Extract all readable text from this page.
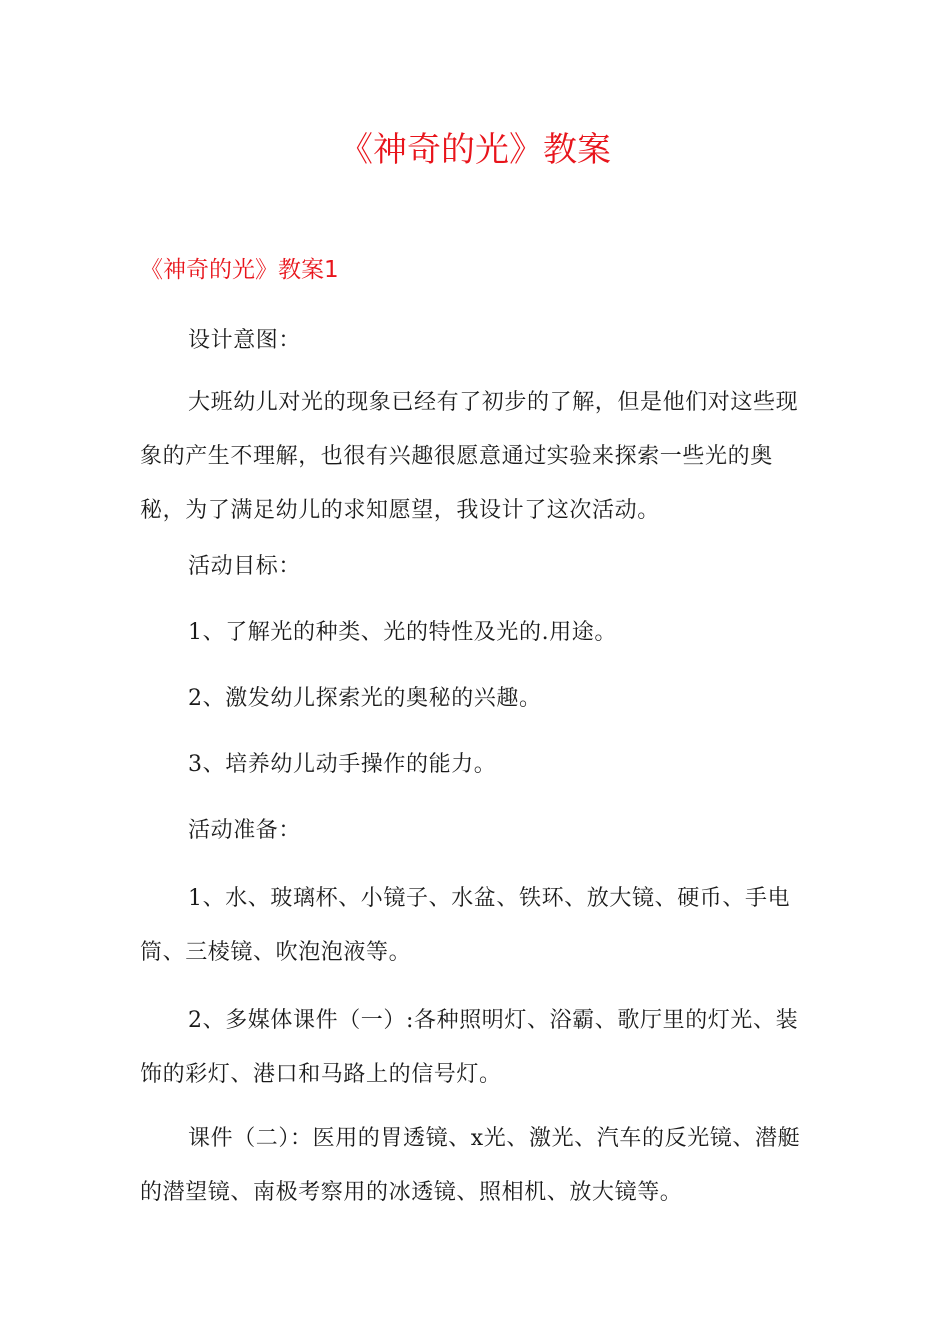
《神奇的光》教案
《神奇的光》教案1

设计意图：

大班幼儿对光的现象已经有了初步的了解，但是他们对这些现象的产生不理解，也很有兴趣很愿意通过实验来探索一些光的奥秘，为了满足幼儿的求知愿望，我设计了这次活动。

活动目标：

1、了解光的种类、光的特性及光的.用途。

2、激发幼儿探索光的奥秘的兴趣。

3、培养幼儿动手操作的能力。

活动准备：

1、水、玻璃杯、小镜子、水盆、铁环、放大镜、硬币、手电筒、三棱镜、吹泡泡液等。

2、多媒体课件（一）:各种照明灯、浴霸、歌厅里的灯光、装饰的彩灯、港口和马路上的信号灯。

课件（二）：医用的胃透镜、x光、激光、汽车的反光镜、潜艇的潜望镜、南极考察用的冰透镜、照相机、放大镜等。
